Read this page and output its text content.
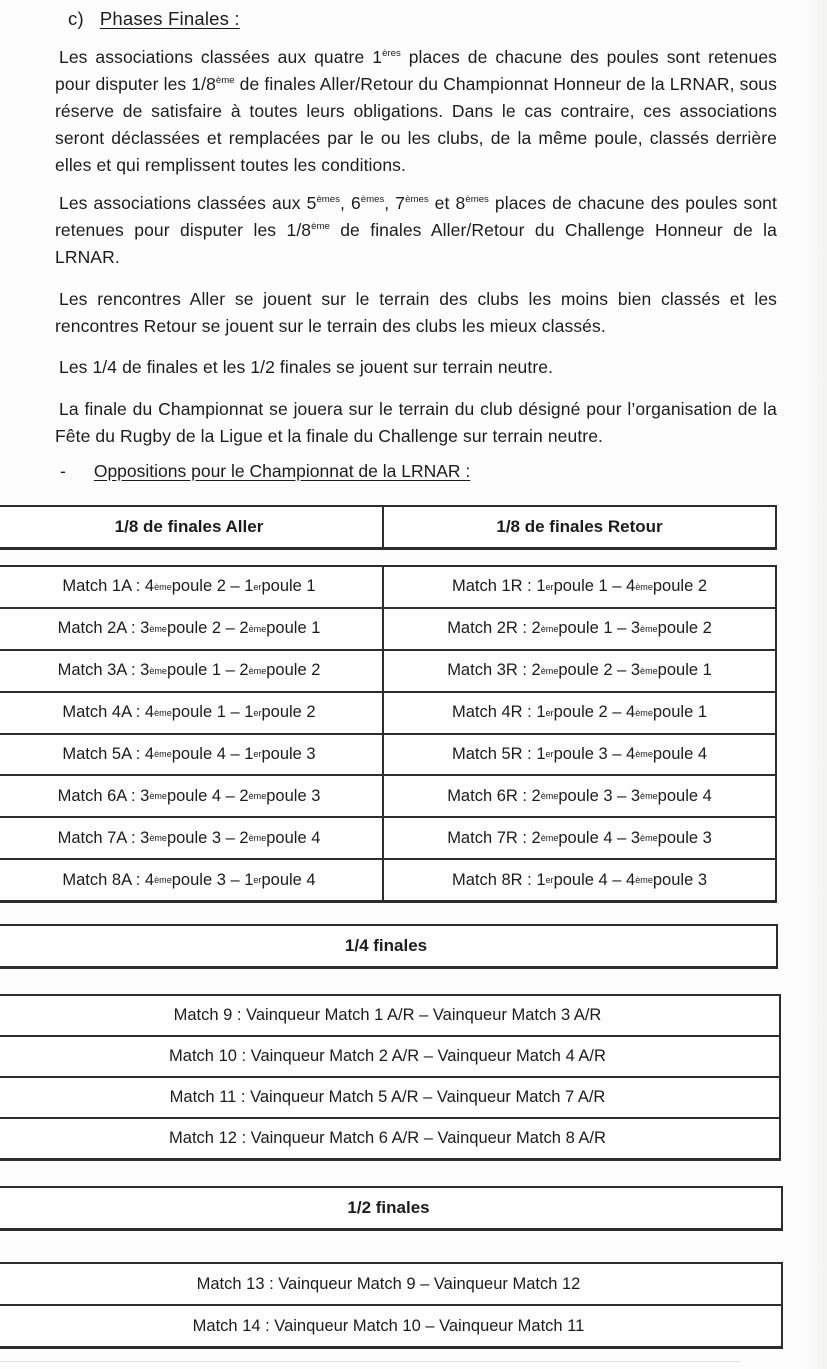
c) Phases Finales :
Les associations classées aux quatre 1ères places de chacune des poules sont retenues pour disputer les 1/8ème de finales Aller/Retour du Championnat Honneur de la LRNAR, sous réserve de satisfaire à toutes leurs obligations. Dans le cas contraire, ces associations seront déclassées et remplacées par le ou les clubs, de la même poule, classés derrière elles et qui remplissent toutes les conditions.
Les associations classées aux 5èmes, 6èmes, 7èmes et 8èmes places de chacune des poules sont retenues pour disputer les 1/8ème de finales Aller/Retour du Challenge Honneur de la LRNAR.
Les rencontres Aller se jouent sur le terrain des clubs les moins bien classés et les rencontres Retour se jouent sur le terrain des clubs les mieux classés.
Les 1/4 de finales et les 1/2 finales se jouent sur terrain neutre.
La finale du Championnat se jouera sur le terrain du club désigné pour l’organisation de la Fête du Rugby de la Ligue et la finale du Challenge sur terrain neutre.
- Oppositions pour le Championnat de la LRNAR :
1/8 de finales Aller	1/8 de finales Retour
Match 1A : 4 ème poule 2 – 1 er poule 1	Match 1R : 1 er poule 1 – 4 ème poule 2
Match 2A : 3 ème poule 2 – 2 ème poule 1	Match 2R : 2 ème poule 1 – 3 ème poule 2
Match 3A : 3 ème poule 1 – 2 ème poule 2	Match 3R : 2 ème poule 2 – 3 ème poule 1
Match 4A : 4 ème poule 1 – 1 er poule 2	Match 4R : 1 er poule 2 – 4 ème poule 1
Match 5A : 4 ème poule 4 – 1 er poule 3	Match 5R : 1 er poule 3 – 4 ème poule 4
Match 6A : 3 ème poule 4 – 2 ème poule 3	Match 6R : 2 ème poule 3 – 3 ème poule 4
Match 7A : 3 ème poule 3 – 2 ème poule 4	Match 7R : 2 ème poule 4 – 3 ème poule 3
Match 8A : 4 ème poule 3 – 1 er poule 4	Match 8R : 1 er poule 4 – 4 ème poule 3
1/4 finales
Match 9 : Vainqueur Match 1 A/R – Vainqueur Match 3 A/R
Match 10 : Vainqueur Match 2 A/R – Vainqueur Match 4 A/R
Match 11 : Vainqueur Match 5 A/R – Vainqueur Match 7 A/R
Match 12 : Vainqueur Match 6 A/R – Vainqueur Match 8 A/R
1/2 finales
Match 13 : Vainqueur Match 9 – Vainqueur Match 12
Match 14 : Vainqueur Match 10 – Vainqueur Match 11
